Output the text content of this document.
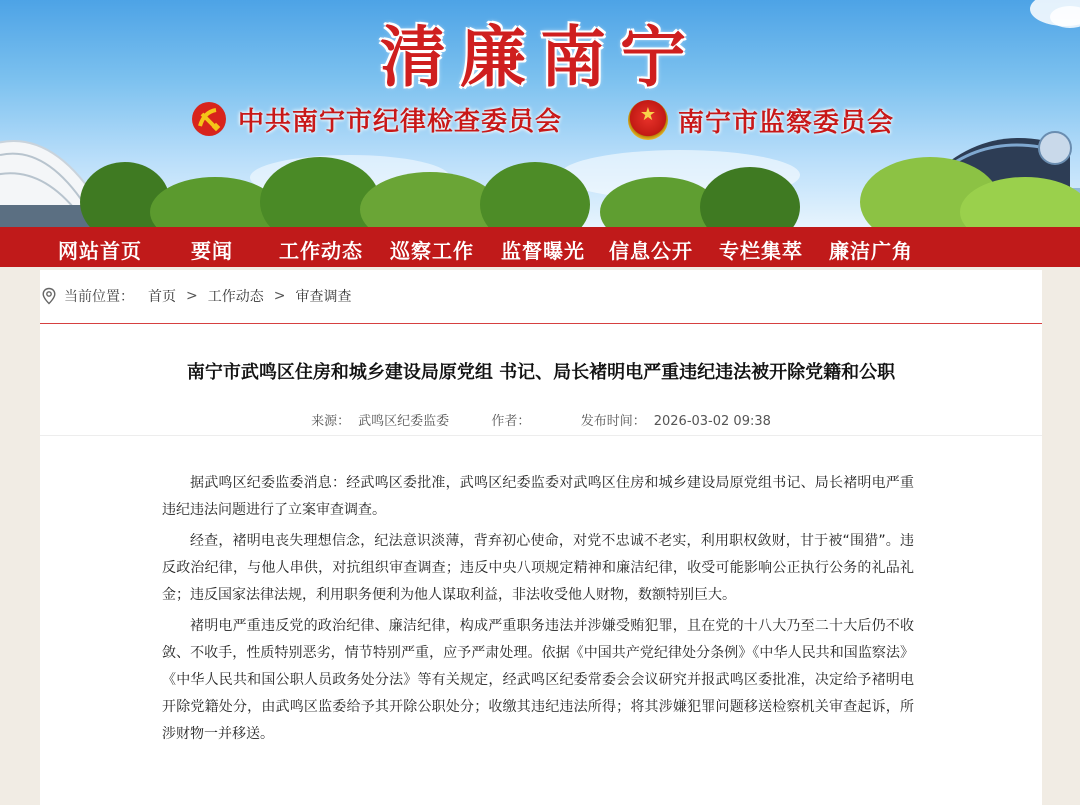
清廉南宁
中共南宁市纪律检查委员会	★ 南宁市监察委员会
网站首页 要闻 工作动态 巡察工作 监督曝光 信息公开 专栏集萃 廉洁广角
当前位置： 首页 > 工作动态 > 审查调查
南宁市武鸣区住房和城乡建设局原党组 书记、局长褚明电严重违纪违法被开除党籍和公职
来源： 武鸣区纪委监委	作者：	发布时间： 2026-03-02 09:38

据武鸣区纪委监委消息：经武鸣区委批准，武鸣区纪委监委对武鸣区住房和城乡建设局原党组书记、局长褚明电严重违纪违法问题进行了立案审查调查。

经查，褚明电丧失理想信念，纪法意识淡薄，背弃初心使命，对党不忠诚不老实，利用职权敛财，甘于被“围猎”。违反政治纪律，与他人串供，对抗组织审查调查；违反中央八项规定精神和廉洁纪律，收受可能影响公正执行公务的礼品礼金；违反国家法律法规，利用职务便利为他人谋取利益，非法收受他人财物，数额特别巨大。

褚明电严重违反党的政治纪律、廉洁纪律，构成严重职务违法并涉嫌受贿犯罪，且在党的十八大乃至二十大后仍不收敛、不收手，性质特别恶劣，情节特别严重，应予严肃处理。依据《中国共产党纪律处分条例》《中华人民共和国监察法》《中华人民共和国公职人员政务处分法》等有关规定，经武鸣区纪委常委会会议研究并报武鸣区委批准，决定给予褚明电开除党籍处分，由武鸣区监委给予其开除公职处分；收缴其违纪违法所得；将其涉嫌犯罪问题移送检察机关审查起诉，所涉财物一并移送。
